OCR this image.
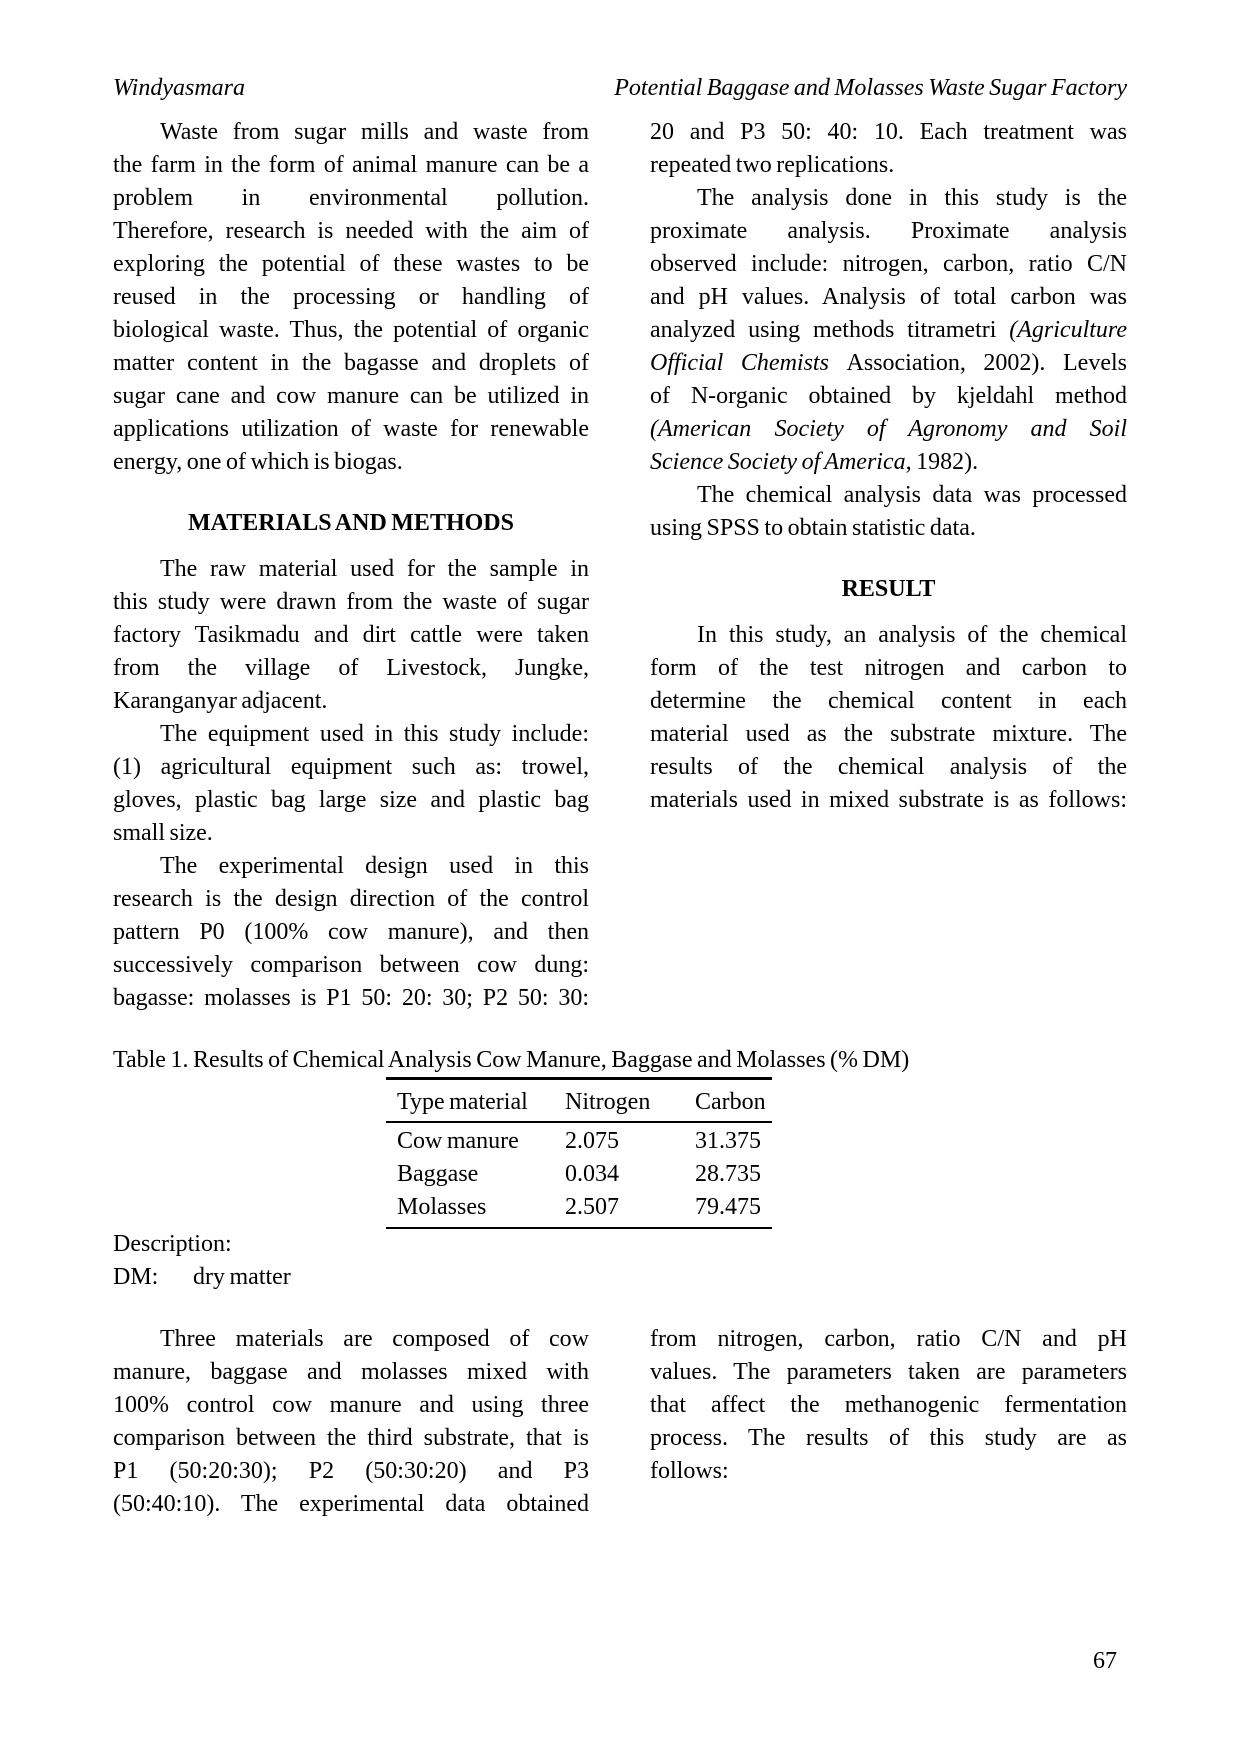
Windyasmara	Potential Baggase and Molasses Waste Sugar Factory
Waste from sugar mills and waste from
the farm in the form of animal manure can be a
problem in environmental pollution.
Therefore, research is needed with the aim of
exploring the potential of these wastes to be
reused in the processing or handling of
biological waste. Thus, the potential of organic
matter content in the bagasse and droplets of
sugar cane and cow manure can be utilized in
applications utilization of waste for renewable
energy, one of which is biogas.
MATERIALS AND METHODS
The raw material used for the sample in
this study were drawn from the waste of sugar
factory Tasikmadu and dirt cattle were taken
from the village of Livestock, Jungke,
Karanganyar adjacent.
The equipment used in this study include:
(1) agricultural equipment such as: trowel,
gloves, plastic bag large size and plastic bag
small size.
The experimental design used in this
research is the design direction of the control
pattern P0 (100% cow manure), and then
successively comparison between cow dung:
bagasse: molasses is P1 50: 20: 30; P2 50: 30:
20 and P3 50: 40: 10. Each treatment was
repeated two replications.
The analysis done in this study is the
proximate analysis. Proximate analysis
observed include: nitrogen, carbon, ratio C/N
and pH values. Analysis of total carbon was
analyzed using methods titrametri (Agriculture
Official Chemists Association, 2002). Levels
of N-organic obtained by kjeldahl method
(American Society of Agronomy and Soil
Science Society of America, 1982).
The chemical analysis data was processed
using SPSS to obtain statistic data.
RESULT
In this study, an analysis of the chemical
form of the test nitrogen and carbon to
determine the chemical content in each
material used as the substrate mixture. The
results of the chemical analysis of the
materials used in mixed substrate is as follows:
Table 1. Results of Chemical Analysis Cow Manure, Baggase and Molasses (% DM)
Type material	Nitrogen	Carbon
Cow manure	2.075	31.375
Baggase	0.034	28.735
Molasses	2.507	79.475
Description:
DM: dry matter
Three materials are composed of cow
manure, baggase and molasses mixed with
100% control cow manure and using three
comparison between the third substrate, that is
P1 (50:20:30); P2 (50:30:20) and P3
(50:40:10). The experimental data obtained
from nitrogen, carbon, ratio C/N and pH
values. The parameters taken are parameters
that affect the methanogenic fermentation
process. The results of this study are as
follows:
67
